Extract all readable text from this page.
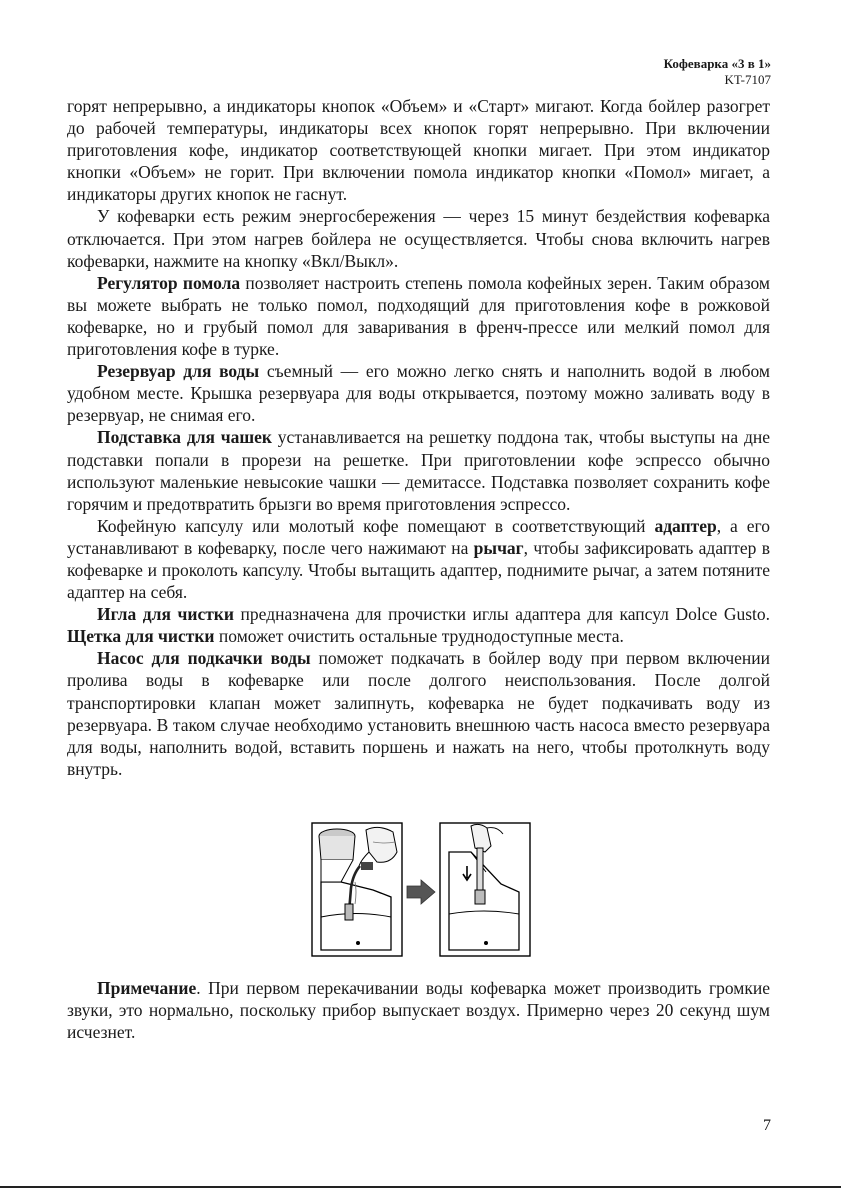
Кофеварка «3 в 1»
KT-7107

горят непрерывно, а индикаторы кнопок «Объем» и «Старт» мигают. Когда бойлер разогрет до рабочей температуры, индикаторы всех кнопок горят непрерывно. При включении приготовления кофе, индикатор соответствующей кнопки мигает. При этом индикатор кнопки «Объем» не горит. При включении помола индикатор кнопки «Помол» мигает, а индикаторы других кнопок не гаснут.

У кофеварки есть режим энергосбережения — через 15 минут бездействия кофеварка отключается. При этом нагрев бойлера не осуществляется. Чтобы снова включить нагрев кофеварки, нажмите на кнопку «Вкл/Выкл».

Регулятор помола позволяет настроить степень помола кофейных зерен. Таким образом вы можете выбрать не только помол, подходящий для приготовления кофе в рожковой кофеварке, но и грубый помол для заваривания в френч-прессе или мелкий помол для приготовления кофе в турке.

Резервуар для воды съемный — его можно легко снять и наполнить водой в любом удобном месте. Крышка резервуара для воды открывается, поэтому можно заливать воду в резервуар, не снимая его.

Подставка для чашек устанавливается на решетку поддона так, чтобы выступы на дне подставки попали в прорези на решетке. При приготовлении кофе эспрессо обычно используют маленькие невысокие чашки — демитассе. Подставка позволяет сохранить кофе горячим и предотвратить брызги во время приготовления эспрессо.

Кофейную капсулу или молотый кофе помещают в соответствующий адаптер, а его устанавливают в кофеварку, после чего нажимают на рычаг, чтобы зафиксировать адаптер в кофеварке и проколоть капсулу. Чтобы вытащить адаптер, поднимите рычаг, а затем потяните адаптер на себя.

Игла для чистки предназначена для прочистки иглы адаптера для капсул Dolce Gusto. Щетка для чистки поможет очистить остальные труднодоступные места.

Насос для подкачки воды поможет подкачать в бойлер воду при первом включении пролива воды в кофеварке или после долгого неиспользования. После долгой транспортировки клапан может залипнуть, кофеварка не будет подкачивать воду из резервуара. В таком случае необходимо установить внешнюю часть насоса вместо резервуара для воды, наполнить водой, вставить поршень и нажать на него, чтобы протолкнуть воду внутрь.

Примечание. При первом перекачивании воды кофеварка может производить громкие звуки, это нормально, поскольку прибор выпускает воздух. Примерно через 20 секунд шум исчезнет.
7
